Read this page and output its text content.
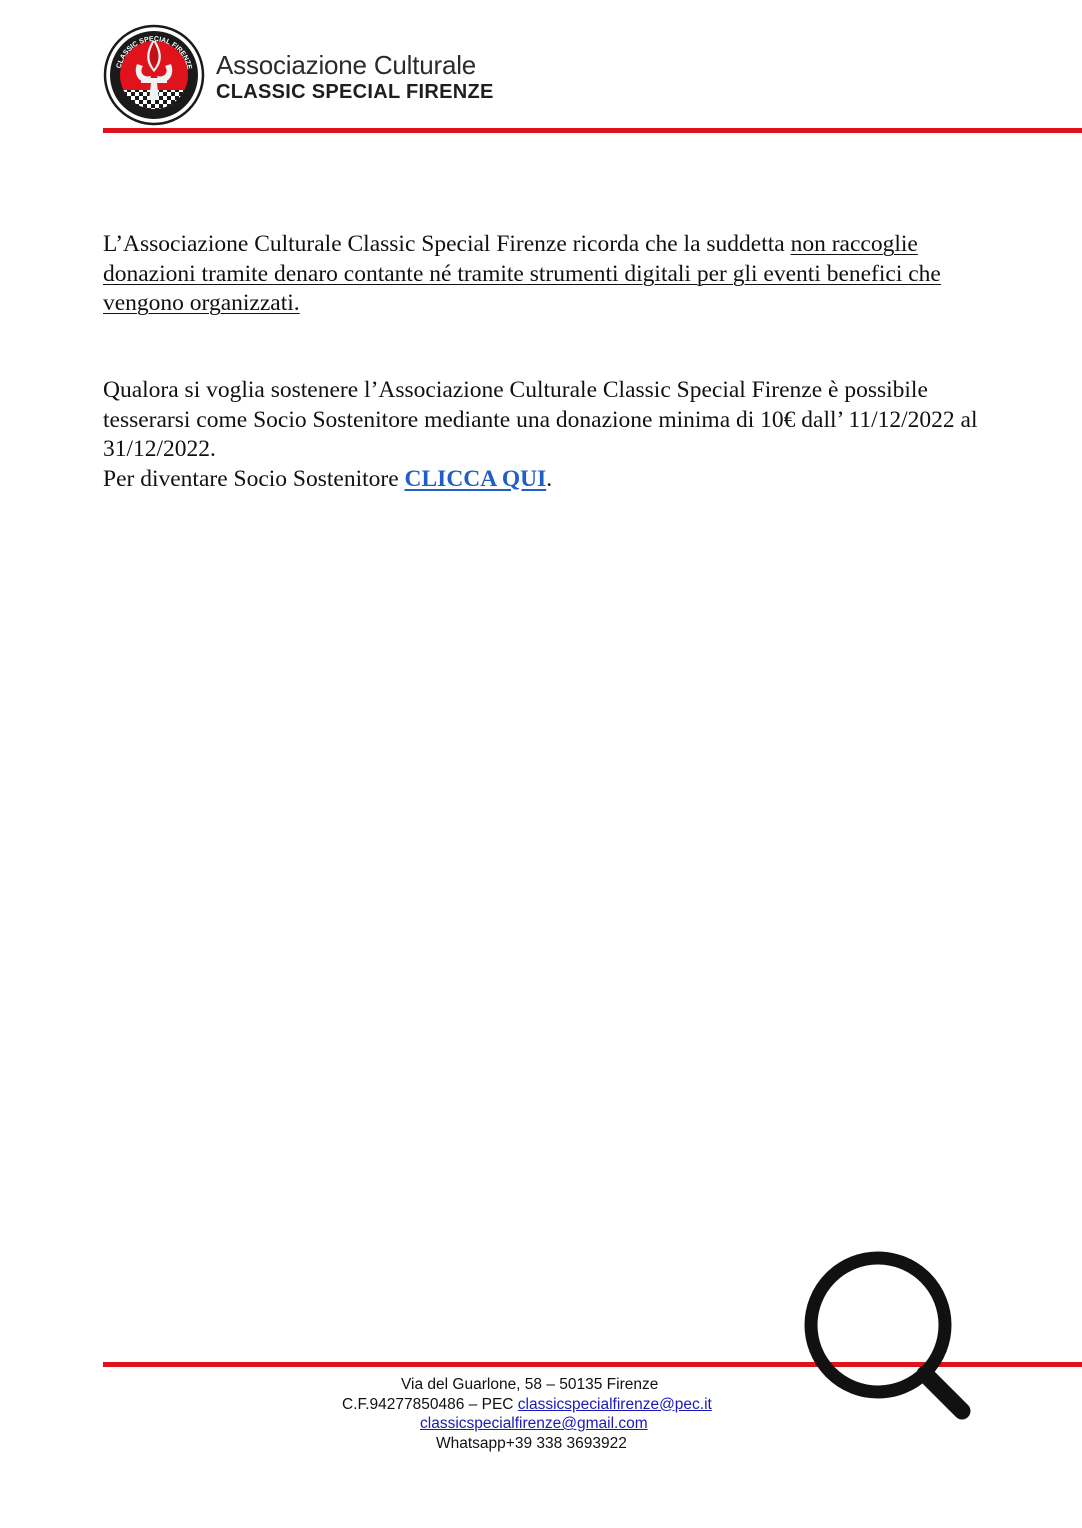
CLASSIC SPECIAL FIRENZE Associazione Culturale
CLASSIC SPECIAL FIRENZE

L’Associazione Culturale Classic Special Firenze ricorda che la suddetta non raccoglie donazioni tramite denaro contante né tramite strumenti digitali per gli eventi benefici che vengono organizzati.

Qualora si voglia sostenere l’Associazione Culturale Classic Special Firenze è possibile tesserarsi come Socio Sostenitore mediante una donazione minima di 10€ dall’ 11/12/2022 al 31/12/2022.
Per diventare Socio Sostenitore CLICCA QUI.

Via del Guarlone, 58 – 50135 Firenze
C.F.94277850486 – PEC classicspecialfirenze@pec.it
classicspecialfirenze@gmail.com
Whatsapp+39 338 3693922
